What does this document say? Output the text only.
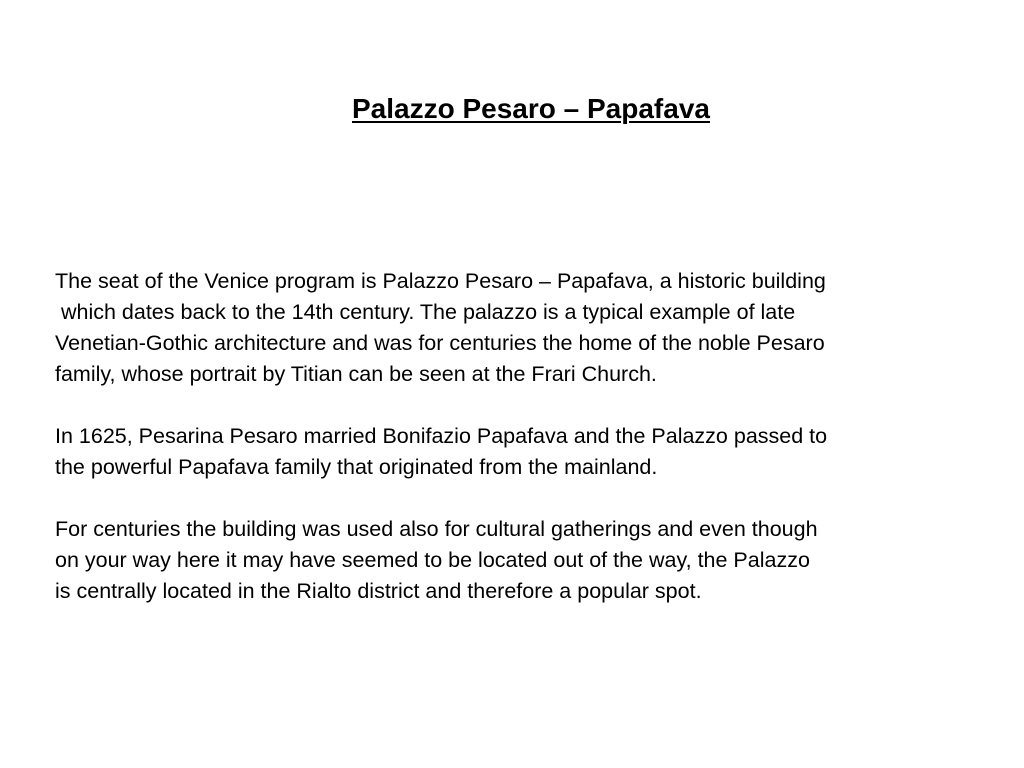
Palazzo Pesaro – Papafava
The seat of the Venice program is Palazzo Pesaro – Papafava, a historic building
which dates back to the 14th century. The palazzo is a typical example of late
Venetian-Gothic architecture and was for centuries the home of the noble Pesaro
family, whose portrait by Titian can be seen at the Frari Church.
In 1625, Pesarina Pesaro married Bonifazio Papafava and the Palazzo passed to
the powerful Papafava family that originated from the mainland.
For centuries the building was used also for cultural gatherings and even though
on your way here it may have seemed to be located out of the way, the Palazzo
is centrally located in the Rialto district and therefore a popular spot.
